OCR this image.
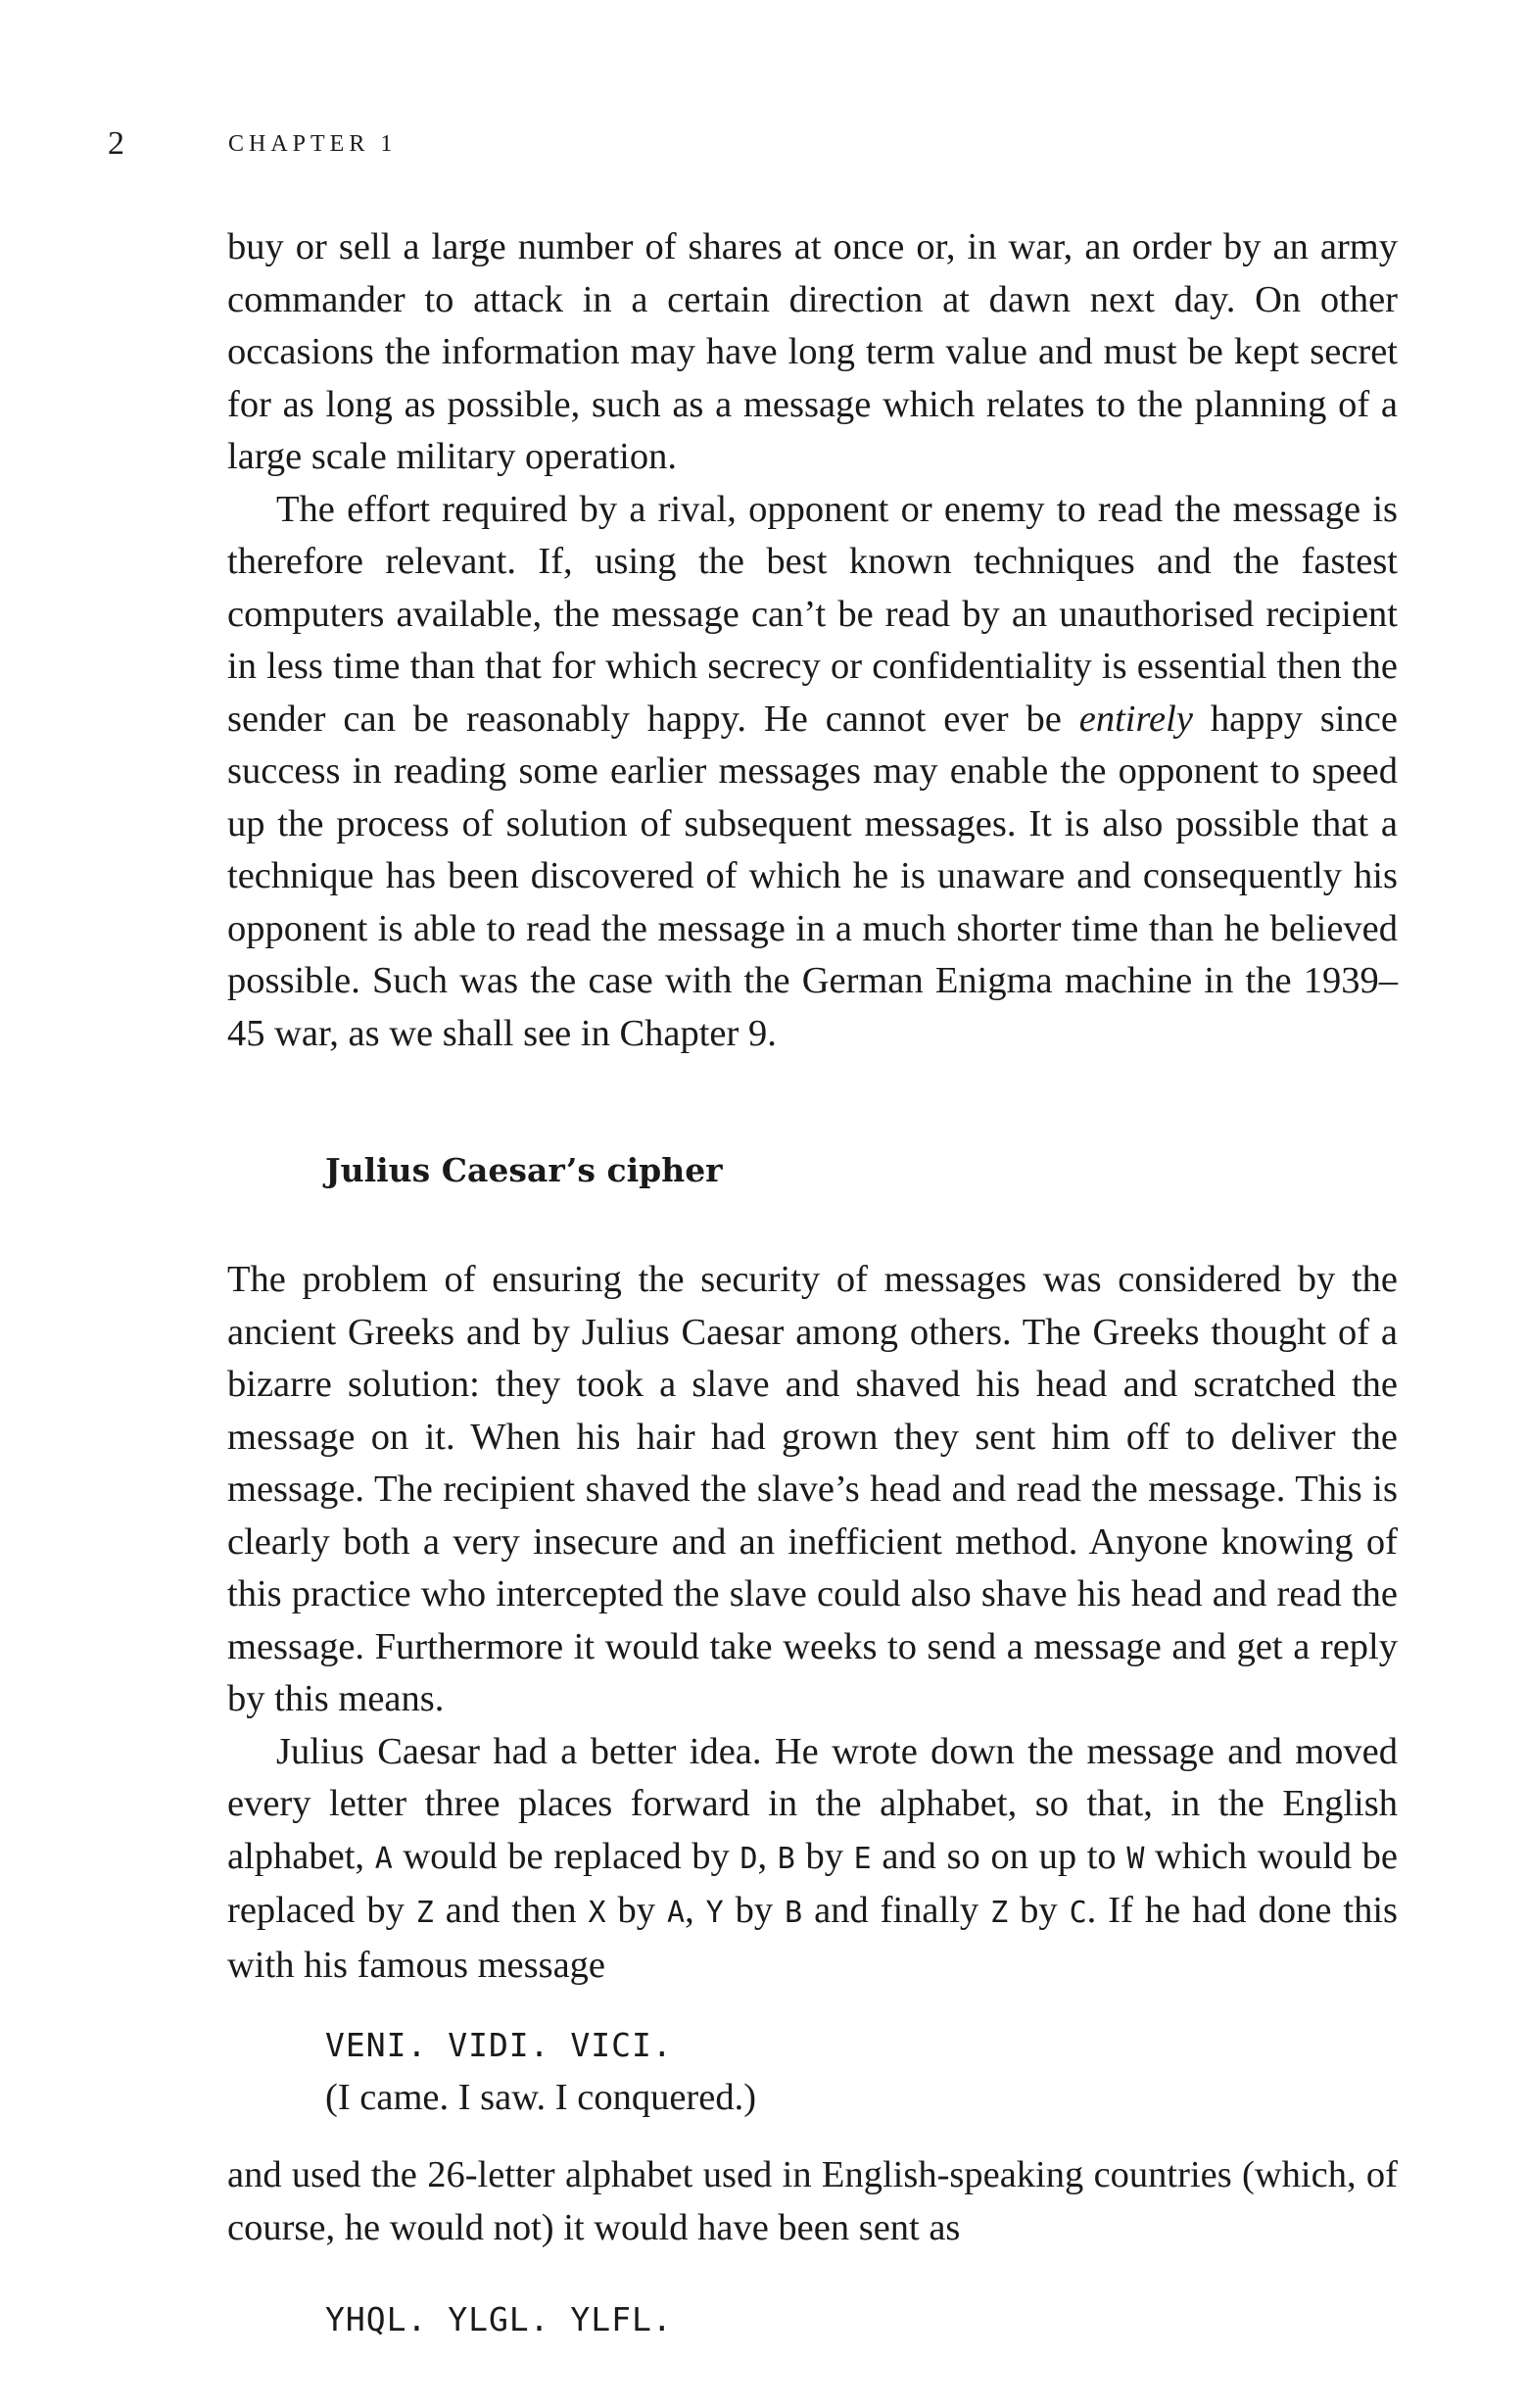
2	CHAPTER 1

buy or sell a large number of shares at once or, in war, an order by an army commander to attack in a certain direction at dawn next day. On other occasions the information may have long term value and must be kept secret for as long as possible, such as a message which relates to the planning of a large scale military operation.

The effort required by a rival, opponent or enemy to read the message is therefore relevant. If, using the best known techniques and the fastest computers available, the message can’t be read by an unauthorised recipient in less time than that for which secrecy or confidentiality is essential then the sender can be reasonably happy. He cannot ever be entirely happy since success in reading some earlier messages may enable the opponent to speed up the process of solution of subsequent messages. It is also possible that a technique has been discovered of which he is unaware and consequently his opponent is able to read the message in a much shorter time than he believed possible. Such was the case with the German Enigma machine in the 1939–45 war, as we shall see in Chapter 9.

Julius Caesar’s cipher

The problem of ensuring the security of messages was considered by the ancient Greeks and by Julius Caesar among others. The Greeks thought of a bizarre solution: they took a slave and shaved his head and scratched the message on it. When his hair had grown they sent him off to deliver the message. The recipient shaved the slave’s head and read the message. This is clearly both a very insecure and an inefficient method. Anyone knowing of this practice who intercepted the slave could also shave his head and read the message. Furthermore it would take weeks to send a message and get a reply by this means.

Julius Caesar had a better idea. He wrote down the message and moved every letter three places forward in the alphabet, so that, in the English alphabet, A would be replaced by D, B by E and so on up to W which would be replaced by Z and then X by A, Y by B and finally Z by C. If he had done this with his famous message

VENI. VIDI. VICI.
(I came. I saw. I conquered.)

and used the 26-letter alphabet used in English-speaking countries (which, of course, he would not) it would have been sent as

YHQL. YLGL. YLFL.
